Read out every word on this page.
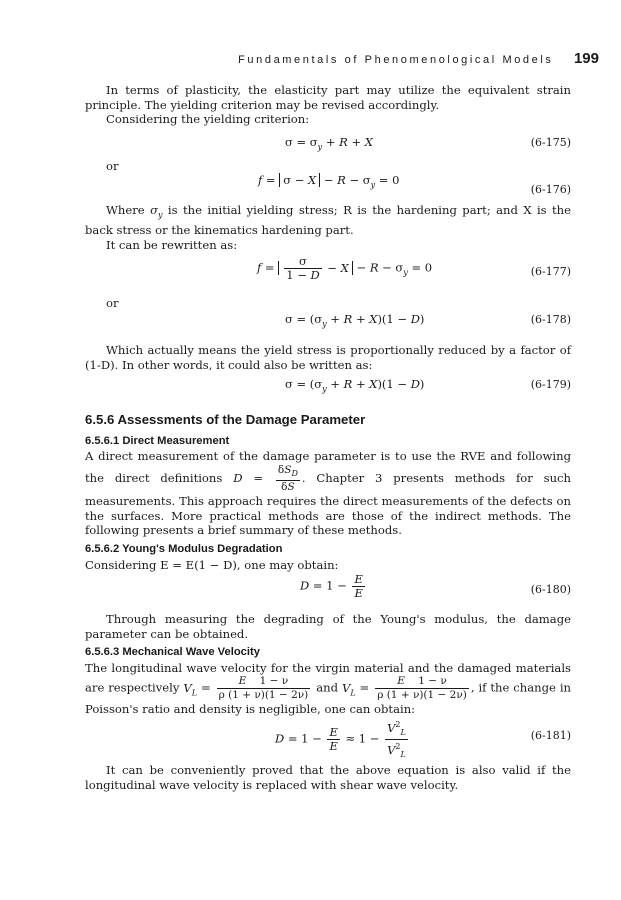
Fundamentals of Phenomenological Models 199

In terms of plasticity, the elasticity part may utilize the equivalent strain principle. The yielding criterion may be revised accordingly.

Considering the yielding criterion:

$\sigma = \sigma_y + R + X$	(6-175)

or

$f = \sigma - X - R - \sigma_y = 0$
(6-176)

Where $\sigma_y$ is the initial yielding stress; R is the hardening part; and X is the back stress or the kinematics hardening part.

It can be rewritten as:

$f = \frac{\sigma}{1 - D} - X - R - \sigma_y = 0$	(6-177)

or

$\sigma = (\sigma_y + R + X)(1 - D)$	(6-178)

Which actually means the yield stress is proportionally reduced by a factor of (1-D). In other words, it could also be written as:

$\sigma = (\sigma_y + R + X)(1 - D)$	(6-179)
6.5.6 Assessments of the Damage Parameter
6.5.6.1 Direct Measurement

A direct measurement of the damage parameter is to use the RVE and following the direct definitions $D = \frac{\delta S_D}{\delta S}$ . Chapter 3 presents methods for such measurements. This approach requires the direct measurements of the defects on the surfaces. More practical methods are those of the indirect methods. The following presents a brief summary of these methods.

6.5.6.2 Young's Modulus Degradation

Considering E = E(1 − D), one may obtain:

$D = 1 - \frac{E}{E}$	(6-180)

Through measuring the degrading of the Young's modulus, the damage parameter can be obtained.

6.5.6.3 Mechanical Wave Velocity

The longitudinal wave velocity for the virgin material and the damaged materials are respectively $V_L = \frac{E 1 - \nu}{\rho (1 + \nu)(1 - 2\nu)}$ and $V_L = \frac{E 1 - \nu}{\rho (1 + \nu)(1 - 2\nu)}$ , if the change in Poisson's ratio and density is negligible, one can obtain:

$D = 1 - \frac{E}{E} \approx 1 - \frac{V^2_L}{V^2_L}$	(6-181)

It can be conveniently proved that the above equation is also valid if the longitudinal wave velocity is replaced with shear wave velocity.
